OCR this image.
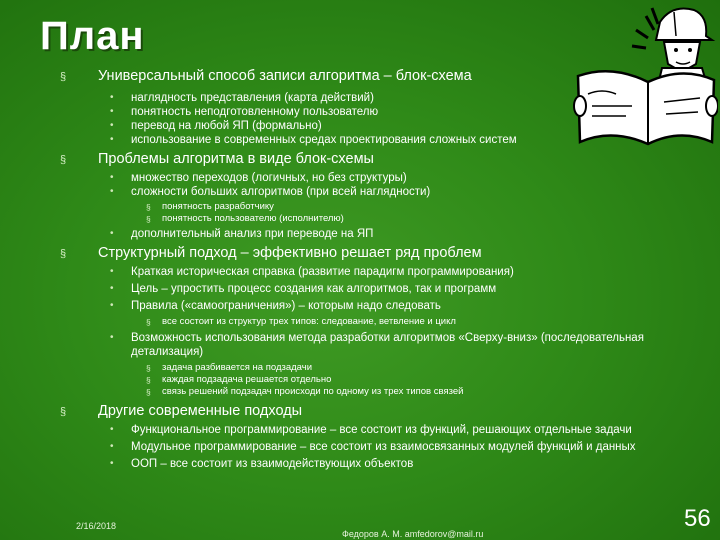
План
§ Универсальный способ записи алгоритма – блок-схема
• наглядность представления (карта действий)
• понятность неподготовленному пользователю
• перевод на любой ЯП (формально)
• использование в современных средах проектирования сложных систем
§ Проблемы алгоритма в виде блок-схемы
• множество переходов (логичных, но без структуры)
• сложности больших алгоритмов (при всей наглядности)
§ понятность разработчику
§ понятность пользователю (исполнителю)
• дополнительный анализ при переводе на ЯП
§ Структурный подход – эффективно решает ряд проблем
• Краткая историческая справка (развитие парадигм программирования)
• Цель – упростить процесс создания как алгоритмов, так и программ
• Правила («самоограничения») – которым надо следовать
§ все состоит из структур трех типов: следование, ветвление и цикл
• Возможность использования метода разработки алгоритмов «Сверху-вниз» (последовательная детализация)
§ задача разбивается на подзадачи
§ каждая подзадача решается отдельно
§ связь решений подзадач происходи по одному из трех типов связей
§ Другие современные подходы
• Функциональное программирование – все состоит из функций, решающих отдельные задачи
• Модульное программирование – все состоит из взаимосвязанных модулей функций и данных
• ООП – все состоит из взаимодействующих объектов
2/16/2018
Федоров А. М. amfedorov@mail.ru
56
